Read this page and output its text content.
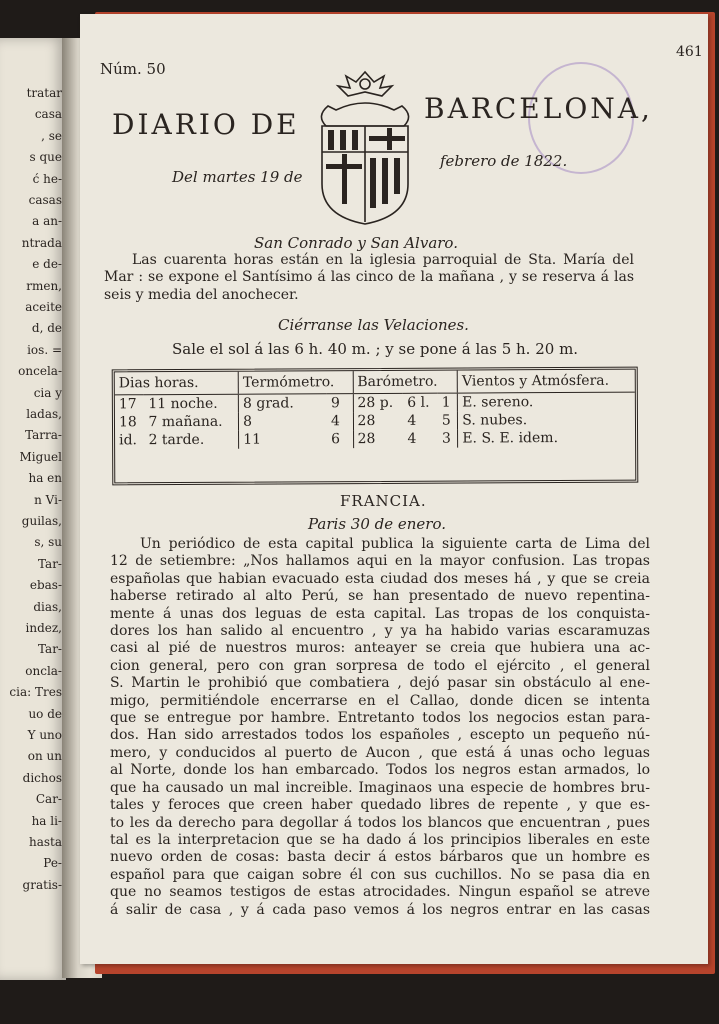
tratar
casa
, se
s que
ć he-
casas
a an-
ntrada
e de-
rmen,
aceite
d, de
ios. =
oncela-
cia y
ladas,
Tarra-
Miguel
ha en
n Vi-
guilas,
s, su
Tar-
ebas-
dias,
indez,
Tar-
oncla-
cia: Tres
uo de
Y uno
on un
dichos
Car-
ha li-
hasta
Pe-
gratis-
Núm. 50
461
DIARIO DE	BARCELONA,
Del martes 19 de
febrero de 1822.
San Conrado y San Alvaro.
Las cuarenta horas están en la iglesia parroquial de Sta. María del Mar : se expone el Santísimo á las cinco de la mañana , y se reserva á las seis y media del anochecer.
Ciérranse las Velaciones.
Sale el sol á las 6 h. 40 m. ; y se pone á las 5 h. 20 m.
Dias horas.		Termómetro.		Barómetro.			Vientos y Atmósfera.
17	11 noche.	8 grad.	9	28 p.	6 l.	1	E. sereno.
18	7 mañana.	8	4	28	4	5	S. nubes.
id.	2 tarde.	11	6	28	4	3	E. S. E. idem.
FRANCIA.
Paris 30 de enero.
Un periódico de esta capital publica la siguiente carta de Lima del
12 de setiembre: „Nos hallamos aqui en la mayor confusion. Las tropas
españolas que habian evacuado esta ciudad dos meses há , y que se creia
haberse retirado al alto Perú, se han presentado de nuevo repentina-
mente á unas dos leguas de esta capital. Las tropas de los conquista-
dores los han salido al encuentro , y ya ha habido varias escaramuzas
casi al pié de nuestros muros: anteayer se creia que hubiera una ac-
cion general, pero con gran sorpresa de todo el ejército , el general
S. Martin le prohibió que combatiera , dejó pasar sin obstáculo al ene-
migo, permitiéndole encerrarse en el Callao, donde dicen se intenta
que se entregue por hambre. Entretanto todos los negocios estan para-
dos. Han sido arrestados todos los españoles , escepto un pequeño nú-
mero, y conducidos al puerto de Aucon , que está á unas ocho leguas
al Norte, donde los han embarcado. Todos los negros estan armados, lo
que ha causado un mal increible. Imaginaos una especie de hombres bru-
tales y feroces que creen haber quedado libres de repente , y que es-
to les da derecho para degollar á todos los blancos que encuentran , pues
tal es la interpretacion que se ha dado á los principios liberales en este
nuevo orden de cosas: basta decir á estos bárbaros que un hombre es
español para que caigan sobre él con sus cuchillos. No se pasa dia en
que no seamos testigos de estas atrocidades. Ningun español se atreve
á salir de casa , y á cada paso vemos á los negros entrar en las casas
